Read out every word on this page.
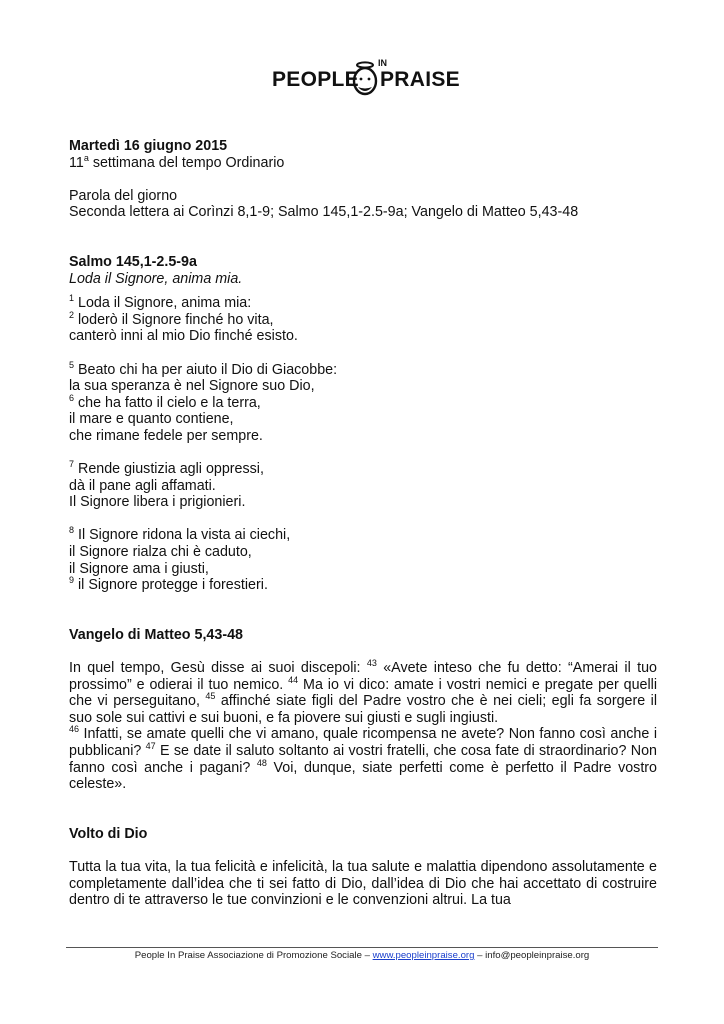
PEOPLE
IN
PRAISE

Martedì 16 giugno 2015

11$^a$ settimana del tempo Ordinario

Parola del giorno

Seconda lettera ai Corìnzi 8,1-9; Salmo 145,1-2.5-9a; Vangelo di Matteo 5,43-48

Salmo 145,1-2.5-9a

Loda il Signore, anima mia.

$^1$ Loda il Signore, anima mia:

$^2$ loderò il Signore finché ho vita,

canterò inni al mio Dio finché esisto.

$^5$ Beato chi ha per aiuto il Dio di Giacobbe:

la sua speranza è nel Signore suo Dio,

$^6$ che ha fatto il cielo e la terra,

il mare e quanto contiene,

che rimane fedele per sempre.

$^7$ Rende giustizia agli oppressi,

dà il pane agli affamati.

Il Signore libera i prigionieri.

$^8$ Il Signore ridona la vista ai ciechi,

il Signore rialza chi è caduto,

il Signore ama i giusti,

$^9$ il Signore protegge i forestieri.

Vangelo di Matteo 5,43-48

In quel tempo, Gesù disse ai suoi discepoli: $^{43}$ «Avete inteso che fu detto: “Amerai il tuo prossimo” e odierai il tuo nemico. $^{44}$ Ma io vi dico: amate i vostri nemici e pregate per quelli che vi perseguitano, $^{45}$ affinché siate figli del Padre vostro che è nei cieli; egli fa sorgere il suo sole sui cattivi e sui buoni, e fa piovere sui giusti e sugli ingiusti.
$^{46}$ Infatti, se amate quelli che vi amano, quale ricompensa ne avete? Non fanno così anche i pubblicani? $^{47}$ E se date il saluto soltanto ai vostri fratelli, che cosa fate di straordinario? Non fanno così anche i pagani? $^{48}$ Voi, dunque, siate perfetti come è perfetto il Padre vostro celeste».

Volto di Dio

Tutta la tua vita, la tua felicità e infelicità, la tua salute e malattia dipendono assolutamente e completamente dall’idea che ti sei fatto di Dio, dall’idea di Dio che hai accettato di costruire dentro di te attraverso le tue convinzioni e le convenzioni altrui. La tua

People In Praise Associazione di Promozione Sociale – www.peopleinpraise.org – info@peopleinpraise.org
